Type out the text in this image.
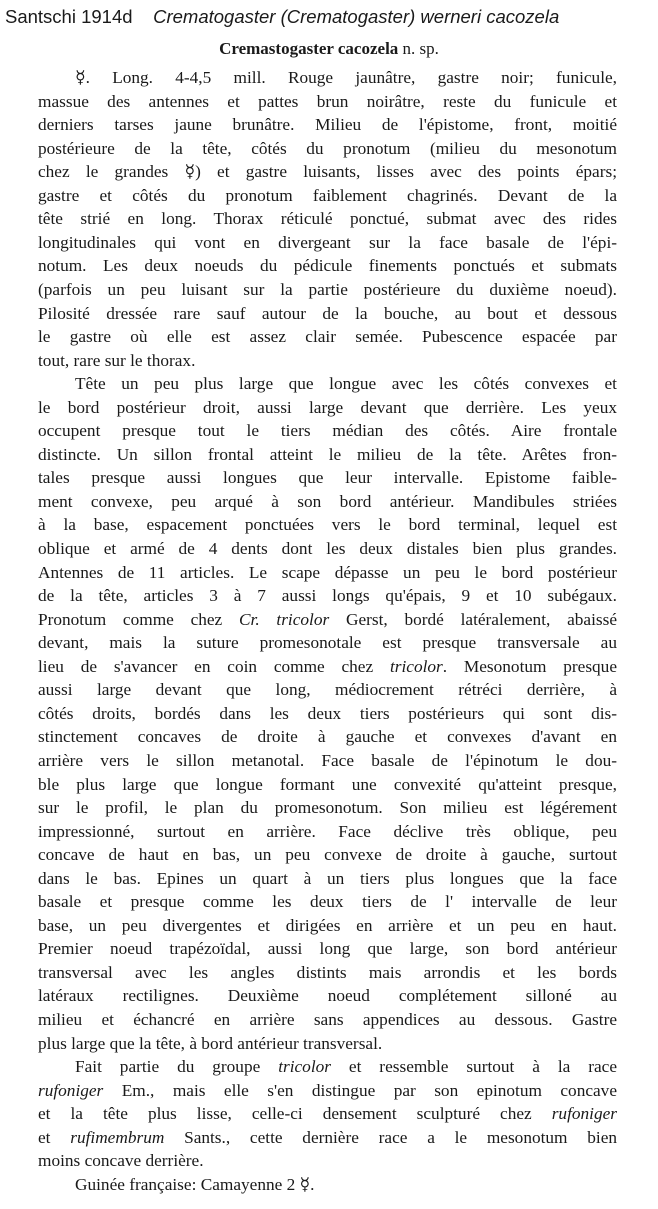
Santschi 1914d Crematogaster (Crematogaster) werneri cacozela
Cremastogaster cacozela n. sp.
☿. Long. 4-4,5 mill. Rouge jaunâtre, gastre noir; funicule,
massue des antennes et pattes brun noirâtre, reste du funicule et
derniers tarses jaune brunâtre. Milieu de l'épistome, front, moitié
postérieure de la tête, côtés du pronotum (milieu du mesonotum
chez le grandes ☿) et gastre luisants, lisses avec des points épars;
gastre et côtés du pronotum faiblement chagrinés. Devant de la
tête strié en long. Thorax réticulé ponctué, submat avec des rides
longitudinales qui vont en divergeant sur la face basale de l'épi-
notum. Les deux noeuds du pédicule finements ponctués et submats
(parfois un peu luisant sur la partie postérieure du duxième noeud).
Pilosité dressée rare sauf autour de la bouche, au bout et dessous
le gastre où elle est assez clair semée. Pubescence espacée par
tout, rare sur le thorax.
Tête un peu plus large que longue avec les côtés convexes et
le bord postérieur droit, aussi large devant que derrière. Les yeux
occupent presque tout le tiers médian des côtés. Aire frontale
distincte. Un sillon frontal atteint le milieu de la tête. Arêtes fron-
tales presque aussi longues que leur intervalle. Epistome faible-
ment convexe, peu arqué à son bord antérieur. Mandibules striées
à la base, espacement ponctuées vers le bord terminal, lequel est
oblique et armé de 4 dents dont les deux distales bien plus grandes.
Antennes de 11 articles. Le scape dépasse un peu le bord postérieur
de la tête, articles 3 à 7 aussi longs qu'épais, 9 et 10 subégaux.
Pronotum comme chez Cr. tricolor Gerst, bordé latéralement, abaissé
devant, mais la suture promesonotale est presque transversale au
lieu de s'avancer en coin comme chez tricolor. Mesonotum presque
aussi large devant que long, médiocrement rétréci derrière, à
côtés droits, bordés dans les deux tiers postérieurs qui sont dis-
stinctement concaves de droite à gauche et convexes d'avant en
arrière vers le sillon metanotal. Face basale de l'épinotum le dou-
ble plus large que longue formant une convexité qu'atteint presque,
sur le profil, le plan du promesonotum. Son milieu est légérement
impressionné, surtout en arrière. Face déclive très oblique, peu
concave de haut en bas, un peu convexe de droite à gauche, surtout
dans le bas. Epines un quart à un tiers plus longues que la face
basale et presque comme les deux tiers de l' intervalle de leur
base, un peu divergentes et dirigées en arrière et un peu en haut.
Premier noeud trapézoïdal, aussi long que large, son bord antérieur
transversal avec les angles distints mais arrondis et les bords
latéraux rectilignes. Deuxième noeud complétement silloné au
milieu et échancré en arrière sans appendices au dessous. Gastre
plus large que la tête, à bord antérieur transversal.
Fait partie du groupe tricolor et ressemble surtout à la race
rufoniger Em., mais elle s'en distingue par son epinotum concave
et la tête plus lisse, celle-ci densement sculpturé chez rufoniger
et rufimembrum Sants., cette dernière race a le mesonotum bien
moins concave derrière.
Guinée française: Camayenne 2 ☿.
